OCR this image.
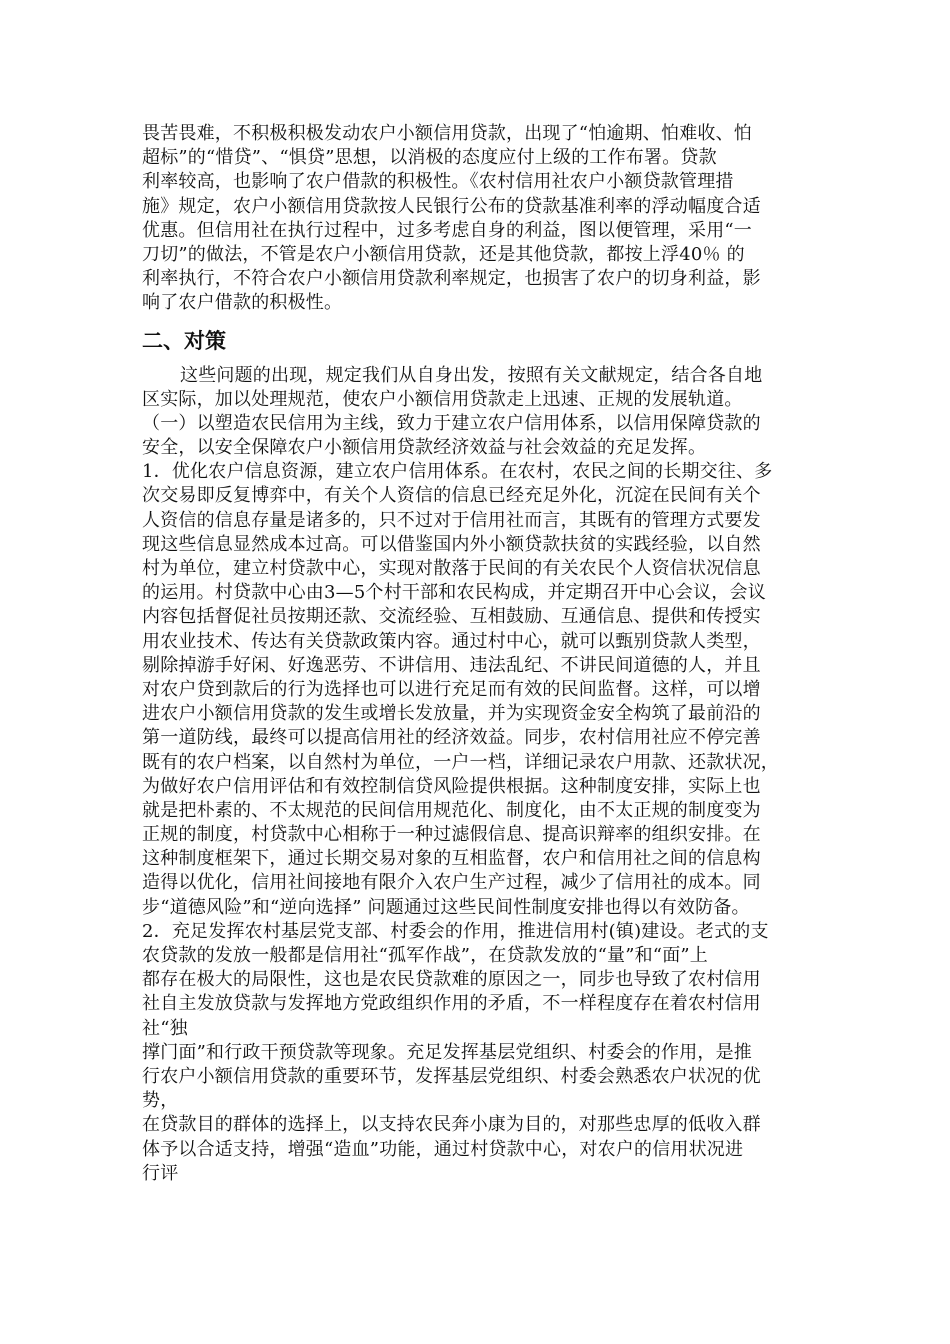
畏苦畏难，不积极积极发动农户小额信用贷款，出现了“怕逾期、怕难收、怕
超标”的“惜贷”、“惧贷”思想，以消极的态度应付上级的工作布署。贷款
利率较高，也影响了农户借款的积极性。《农村信用社农户小额贷款管理措
施》规定，农户小额信用贷款按人民银行公布的贷款基准利率的浮动幅度合适
优惠。但信用社在执行过程中，过多考虑自身的利益，图以便管理，采用“一
刀切”的做法，不管是农户小额信用贷款，还是其他贷款，都按上浮40％ 的
利率执行，不符合农户小额信用贷款利率规定，也损害了农户的切身利益，影
响了农户借款的积极性。
二、对策
这些问题的出现，规定我们从自身出发，按照有关文献规定，结合各自地
区实际，加以处理规范，使农户小额信用贷款走上迅速、正规的发展轨道。
（一）以塑造农民信用为主线，致力于建立农户信用体系，以信用保障贷款的
安全，以安全保障农户小额信用贷款经济效益与社会效益的充足发挥。
1．优化农户信息资源，建立农户信用体系。在农村，农民之间的长期交往、多
次交易即反复博弈中，有关个人资信的信息已经充足外化，沉淀在民间有关个
人资信的信息存量是诸多的，只不过对于信用社而言，其既有的管理方式要发
现这些信息显然成本过高。可以借鉴国内外小额贷款扶贫的实践经验，以自然
村为单位，建立村贷款中心，实现对散落于民间的有关农民个人资信状况信息
的运用。村贷款中心由3—5个村干部和农民构成，并定期召开中心会议，会议
内容包括督促社员按期还款、交流经验、互相鼓励、互通信息、提供和传授实
用农业技术、传达有关贷款政策内容。通过村中心，就可以甄别贷款人类型，
剔除掉游手好闲、好逸恶劳、不讲信用、违法乱纪、不讲民间道德的人，并且
对农户贷到款后的行为选择也可以进行充足而有效的民间监督。这样，可以增
进农户小额信用贷款的发生或增长发放量，并为实现资金安全构筑了最前沿的
第一道防线，最终可以提高信用社的经济效益。同步，农村信用社应不停完善
既有的农户档案，以自然村为单位，一户一档，详细记录农户用款、还款状况，
为做好农户信用评估和有效控制信贷风险提供根据。这种制度安排，实际上也
就是把朴素的、不太规范的民间信用规范化、制度化，由不太正规的制度变为
正规的制度，村贷款中心相称于一种过滤假信息、提高识辩率的组织安排。在
这种制度框架下，通过长期交易对象的互相监督，农户和信用社之间的信息构
造得以优化，信用社间接地有限介入农户生产过程，减少了信用社的成本。同
步“道德风险”和“逆向选择” 问题通过这些民间性制度安排也得以有效防备。
2．充足发挥农村基层党支部、村委会的作用，推进信用村(镇)建设。老式的支
农贷款的发放一般都是信用社“孤军作战”，在贷款发放的“量”和“面”上
都存在极大的局限性，这也是农民贷款难的原因之一，同步也导致了农村信用
社自主发放贷款与发挥地方党政组织作用的矛盾，不一样程度存在着农村信用
社“独
撑门面”和行政干预贷款等现象。充足发挥基层党组织、村委会的作用，是推
行农户小额信用贷款的重要环节，发挥基层党组织、村委会熟悉农户状况的优
势，
在贷款目的群体的选择上，以支持农民奔小康为目的，对那些忠厚的低收入群
体予以合适支持，增强“造血”功能，通过村贷款中心，对农户的信用状况进
行评
